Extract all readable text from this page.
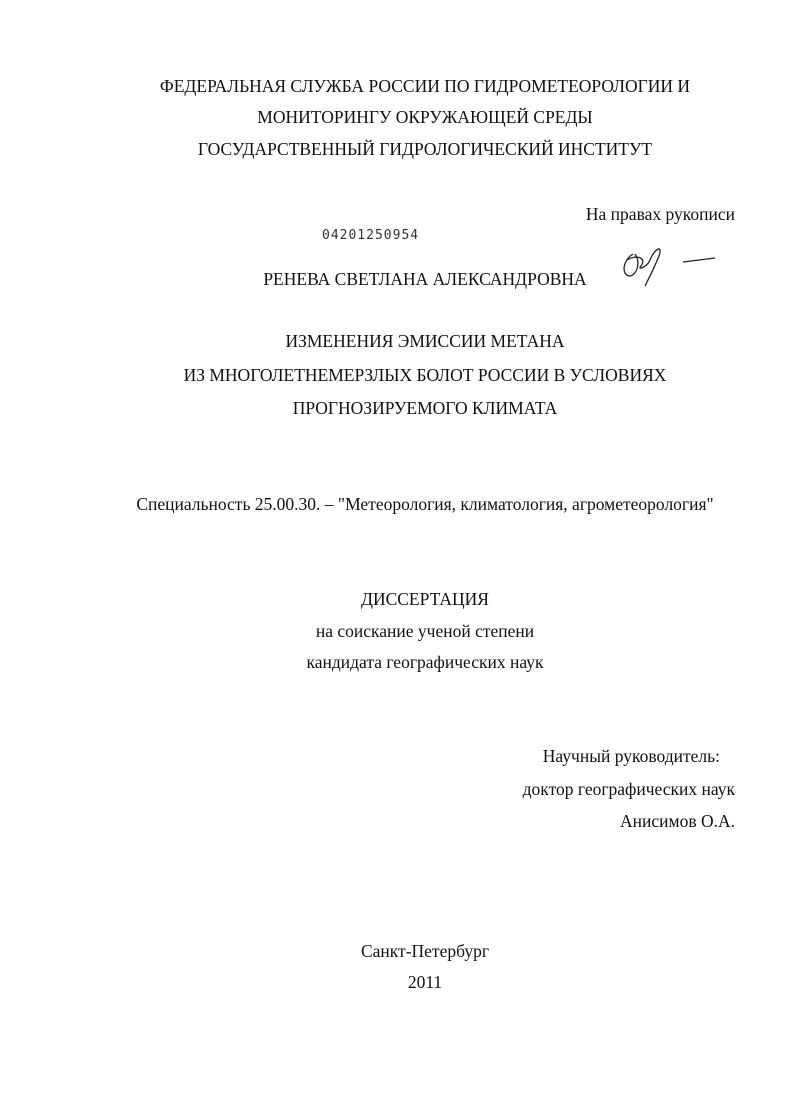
ФЕДЕРАЛЬНАЯ СЛУЖБА РОССИИ ПО ГИДРОМЕТЕОРОЛОГИИ И
МОНИТОРИНГУ ОКРУЖАЮЩЕЙ СРЕДЫ
ГОСУДАРСТВЕННЫЙ ГИДРОЛОГИЧЕСКИЙ ИНСТИТУТ
На правах рукописи
04201250954
РЕНЕВА СВЕТЛАНА АЛЕКСАНДРОВНА
ИЗМЕНЕНИЯ ЭМИССИИ МЕТАНА
ИЗ МНОГОЛЕТНЕМЕРЗЛЫХ БОЛОТ РОССИИ В УСЛОВИЯХ
ПРОГНОЗИРУЕМОГО КЛИМАТА
Специальность 25.00.30. – "Метеорология, климатология, агрометеорология"
ДИССЕРТАЦИЯ
на соискание ученой степени
кандидата географических наук
Научный руководитель:
доктор географических наук
Анисимов О.А.
Санкт-Петербург
2011
